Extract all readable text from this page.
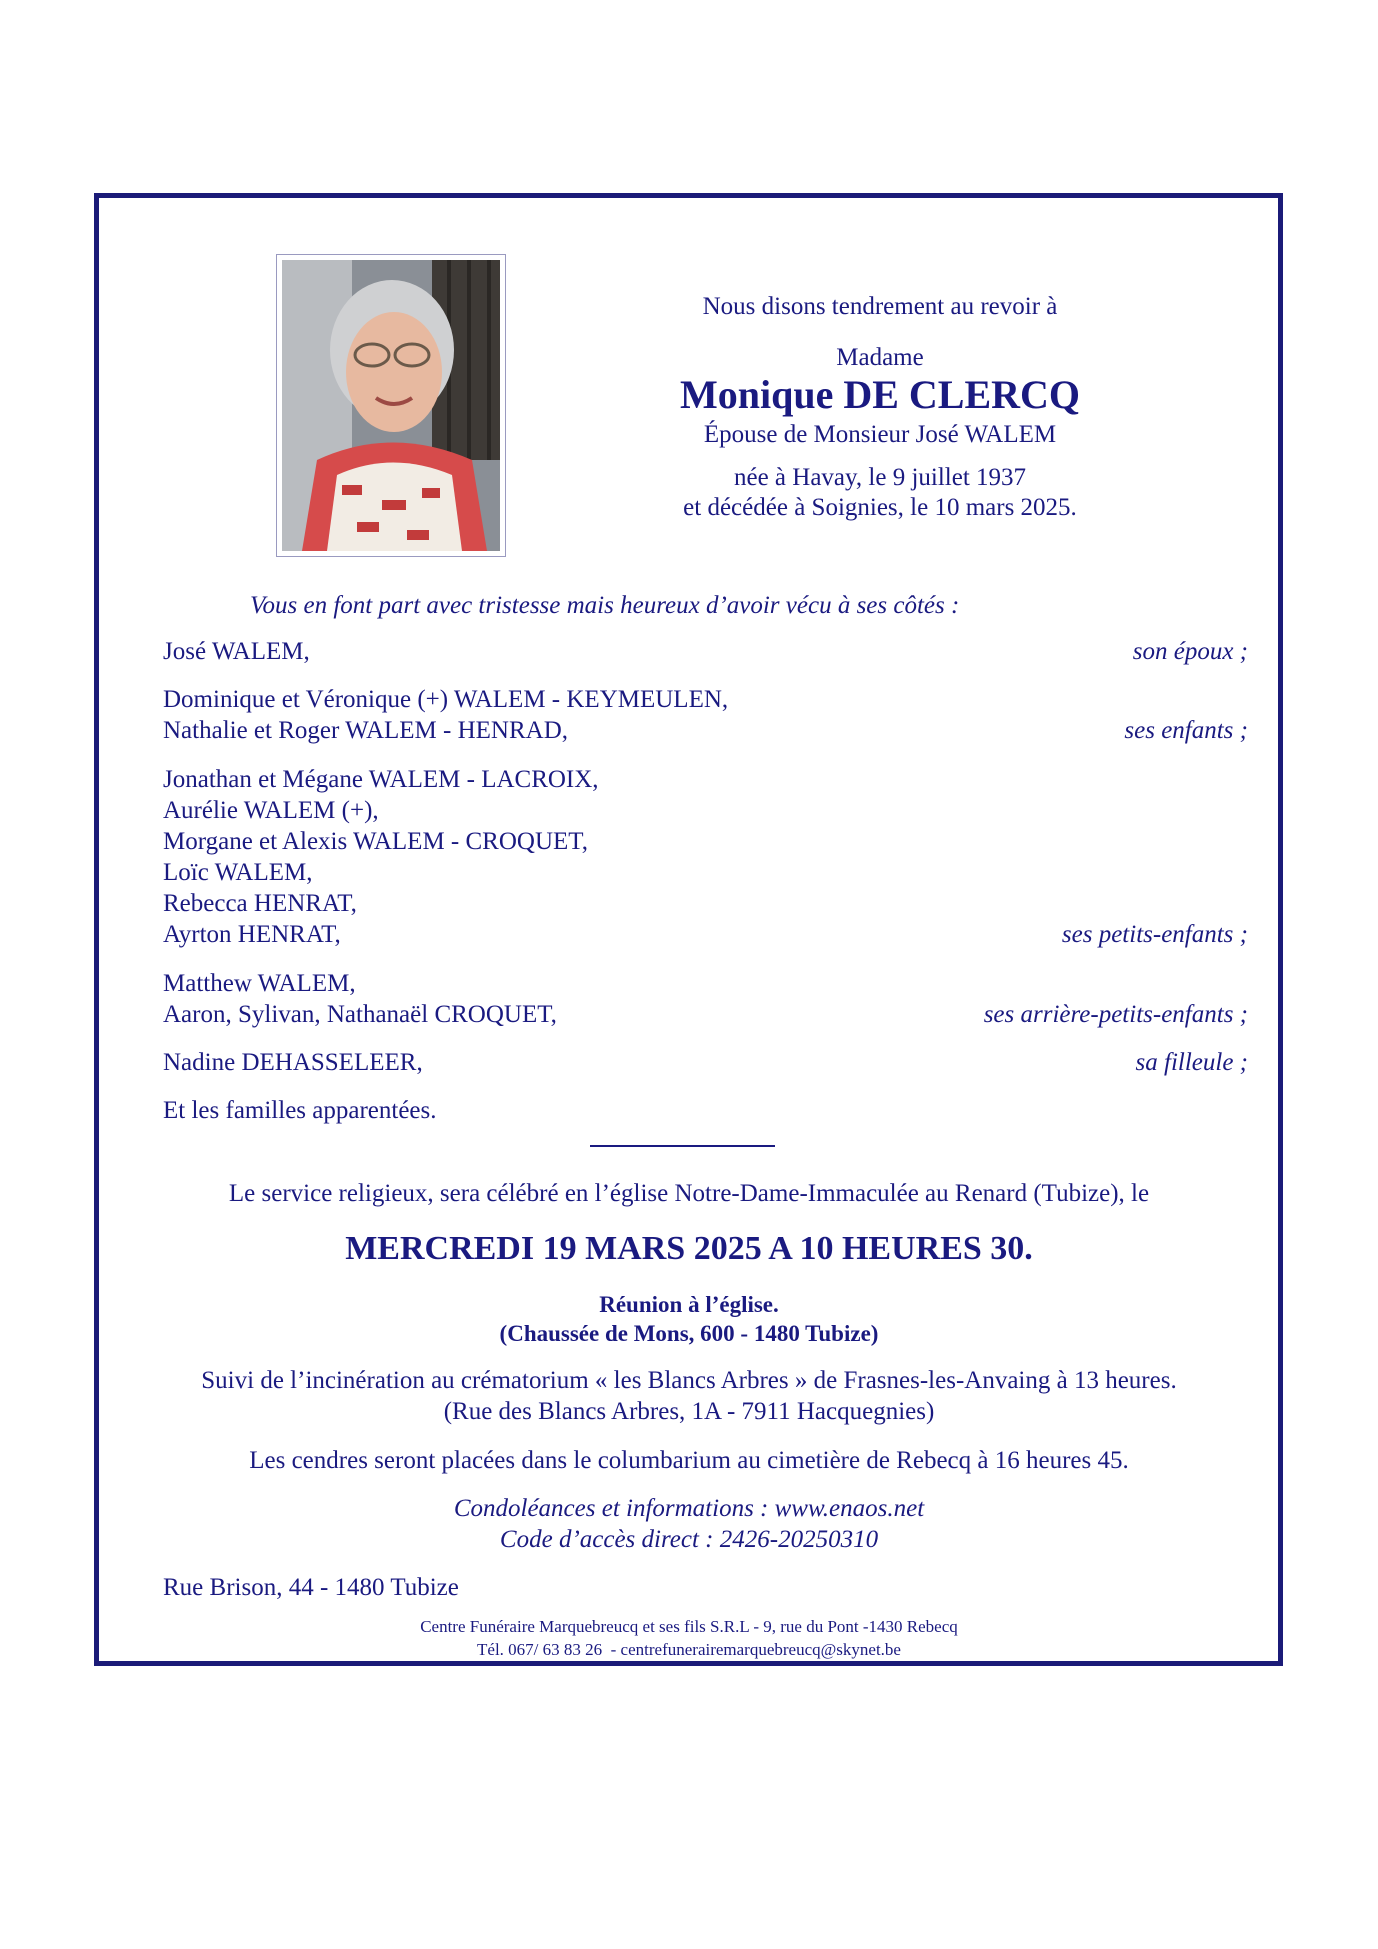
Nous disons tendrement au revoir à
Madame
Monique DE CLERCQ
Épouse de Monsieur José WALEM
née à Havay, le 9 juillet 1937
et décédée à Soignies, le 10 mars 2025.
Vous en font part avec tristesse mais heureux d’avoir vécu à ses côtés :
José WALEM,	son époux ;
Dominique et Véronique (+) WALEM - KEYMEULEN,
Nathalie et Roger WALEM - HENRAD,	ses enfants ;
Jonathan et Mégane WALEM - LACROIX,
Aurélie WALEM (+),
Morgane et Alexis WALEM - CROQUET,
Loïc WALEM,
Rebecca HENRAT,
Ayrton HENRAT,	ses petits-enfants ;
Matthew WALEM,
Aaron, Sylivan, Nathanaël CROQUET,	ses arrière-petits-enfants ;
Nadine DEHASSELEER,	sa filleule ;
Et les familles apparentées.
Le service religieux, sera célébré en l’église Notre-Dame-Immaculée au Renard (Tubize), le
MERCREDI 19 MARS 2025 A 10 HEURES 30.
Réunion à l’église.
(Chaussée de Mons, 600 - 1480 Tubize)
Suivi de l’incinération au crématorium « les Blancs Arbres » de Frasnes-les-Anvaing à 13 heures.
(Rue des Blancs Arbres, 1A - 7911 Hacquegnies)
Les cendres seront placées dans le columbarium au cimetière de Rebecq à 16 heures 45.
Condoléances et informations : www.enaos.net
Code d’accès direct : 2426-20250310
Rue Brison, 44 - 1480 Tubize
Centre Funéraire Marquebreucq et ses fils S.R.L - 9, rue du Pont -1430 Rebecq
Tél. 067/ 63 83 26  - centrefunerairemarquebreucq@skynet.be
